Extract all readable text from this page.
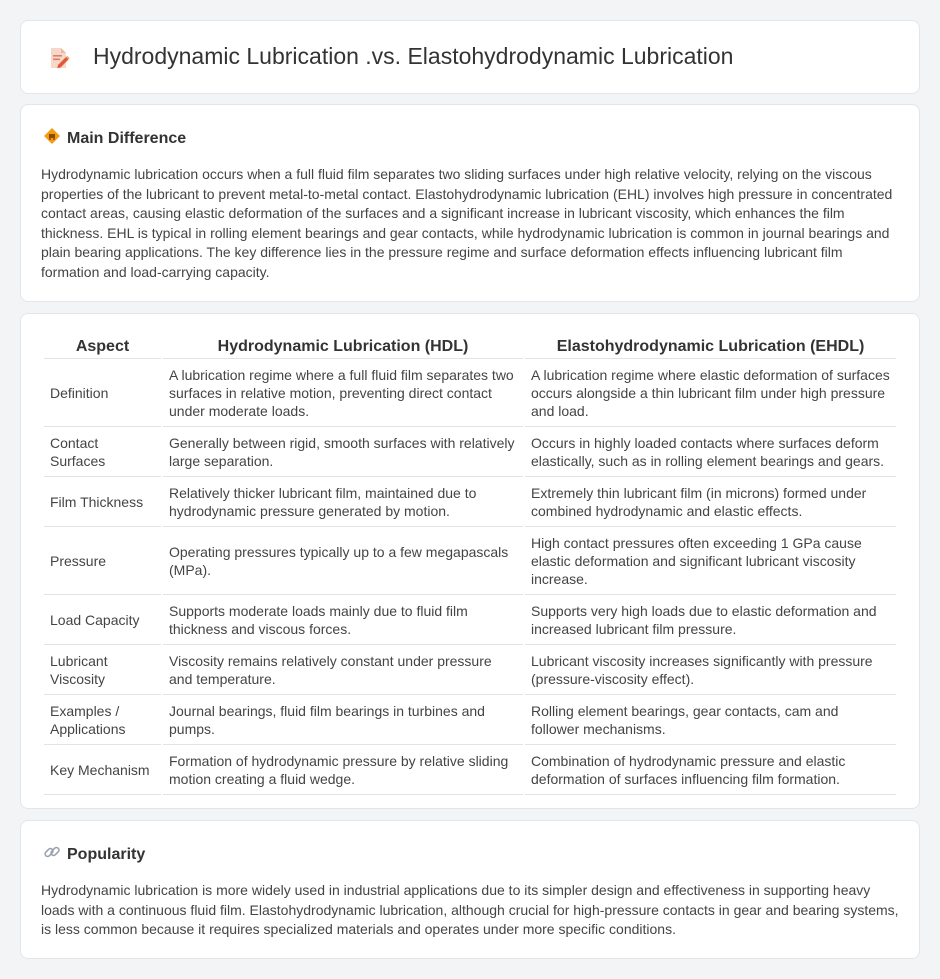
Hydrodynamic Lubrication .vs. Elastohydrodynamic Lubrication
Main Difference

Hydrodynamic lubrication occurs when a full fluid film separates two sliding surfaces under high relative velocity, relying on the viscous properties of the lubricant to prevent metal-to-metal contact. Elastohydrodynamic lubrication (EHL) involves high pressure in concentrated contact areas, causing elastic deformation of the surfaces and a significant increase in lubricant viscosity, which enhances the film thickness. EHL is typical in rolling element bearings and gear contacts, while hydrodynamic lubrication is common in journal bearings and plain bearing applications. The key difference lies in the pressure regime and surface deformation effects influencing lubricant film formation and load-carrying capacity.

Aspect	Hydrodynamic Lubrication (HDL)	Elastohydrodynamic Lubrication (EHDL)
Definition	A lubrication regime where a full fluid film separates two surfaces in relative motion, preventing direct contact under moderate loads.	A lubrication regime where elastic deformation of surfaces occurs alongside a thin lubricant film under high pressure and load.
Contact Surfaces	Generally between rigid, smooth surfaces with relatively large separation.	Occurs in highly loaded contacts where surfaces deform elastically, such as in rolling element bearings and gears.
Film Thickness	Relatively thicker lubricant film, maintained due to hydrodynamic pressure generated by motion.	Extremely thin lubricant film (in microns) formed under combined hydrodynamic and elastic effects.
Pressure	Operating pressures typically up to a few megapascals (MPa).	High contact pressures often exceeding 1 GPa cause elastic deformation and significant lubricant viscosity increase.
Load Capacity	Supports moderate loads mainly due to fluid film thickness and viscous forces.	Supports very high loads due to elastic deformation and increased lubricant film pressure.
Lubricant Viscosity	Viscosity remains relatively constant under pressure and temperature.	Lubricant viscosity increases significantly with pressure (pressure-viscosity effect).
Examples / Applications	Journal bearings, fluid film bearings in turbines and pumps.	Rolling element bearings, gear contacts, cam and follower mechanisms.
Key Mechanism	Formation of hydrodynamic pressure by relative sliding motion creating a fluid wedge.	Combination of hydrodynamic pressure and elastic deformation of surfaces influencing film formation.
Popularity

Hydrodynamic lubrication is more widely used in industrial applications due to its simpler design and effectiveness in supporting heavy loads with a continuous fluid film. Elastohydrodynamic lubrication, although crucial for high-pressure contacts in gear and bearing systems, is less common because it requires specialized materials and operates under more specific conditions.
